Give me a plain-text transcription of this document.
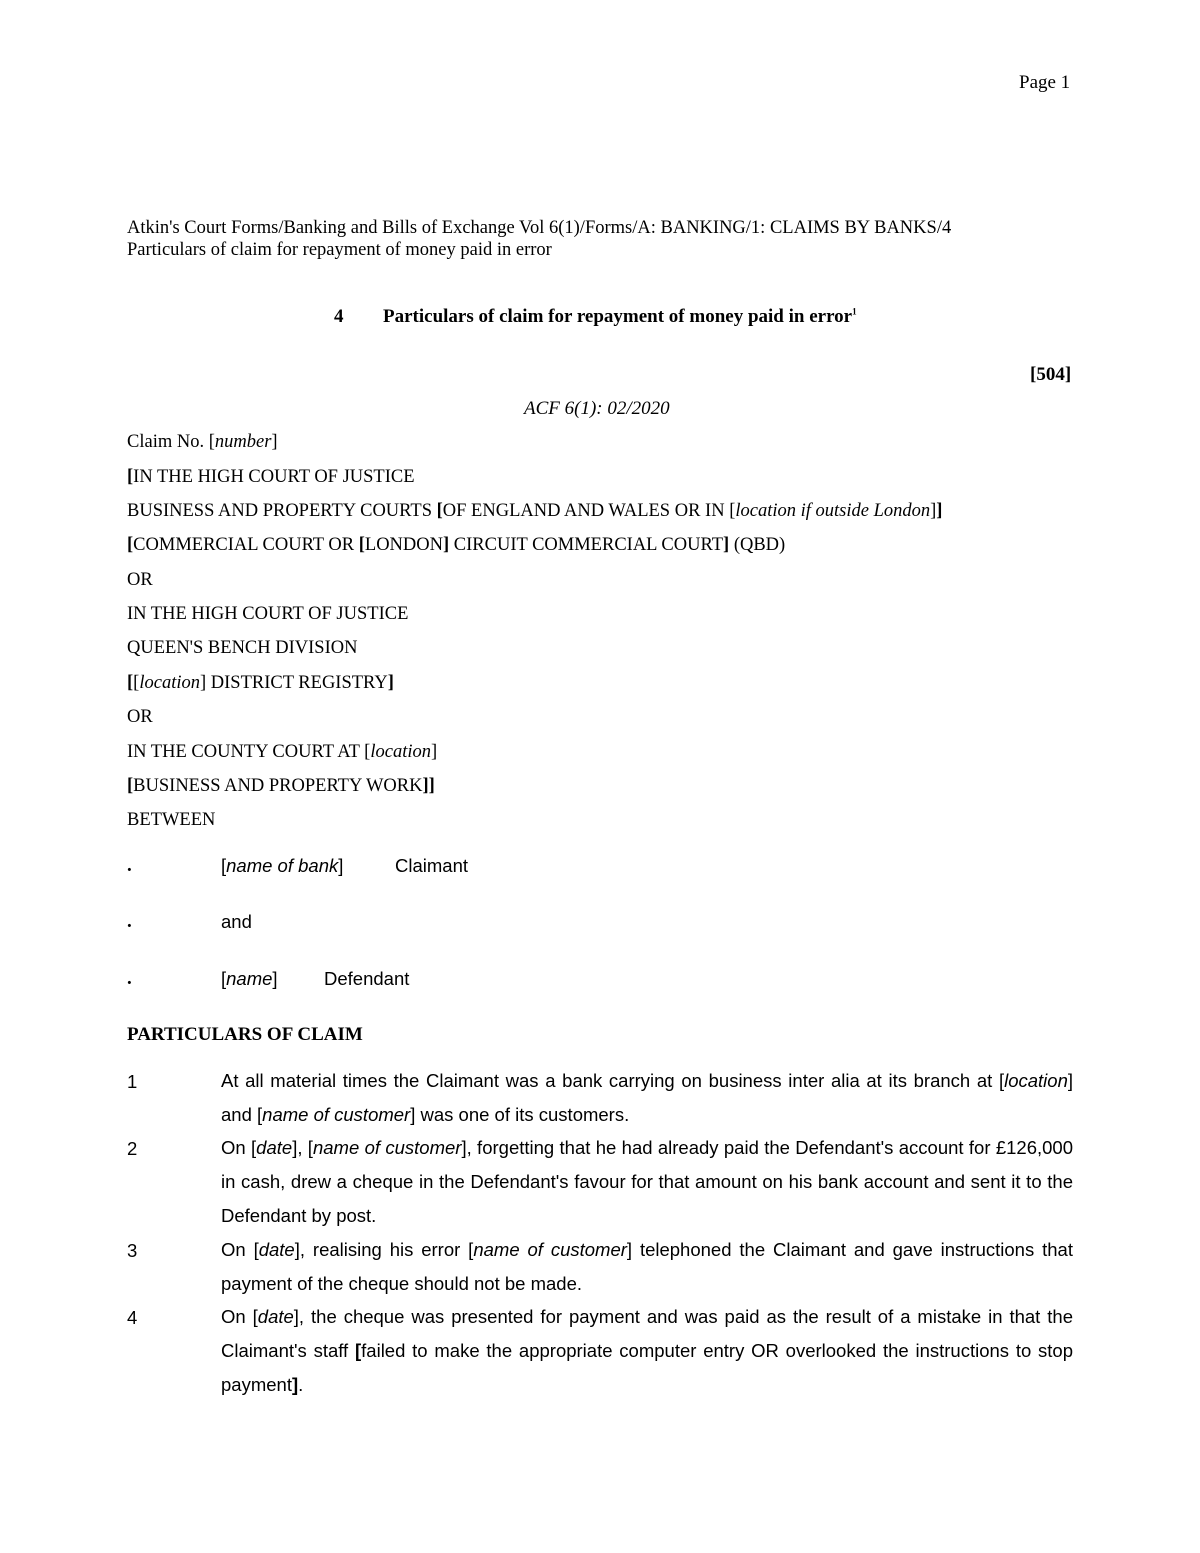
Page 1
Atkin's Court Forms/Banking and Bills of Exchange Vol 6(1)/Forms/A: BANKING/1: CLAIMS BY BANKS/4
Particulars of claim for repayment of money paid in error
4 Particulars of claim for repayment of money paid in error$^1$
[504]
ACF 6(1): 02/2020
Claim No. [number]
[IN THE HIGH COURT OF JUSTICE
BUSINESS AND PROPERTY COURTS [OF ENGLAND AND WALES OR IN [location if outside London]]
[COMMERCIAL COURT OR [LONDON] CIRCUIT COMMERCIAL COURT] (QBD)
OR
IN THE HIGH COURT OF JUSTICE
QUEEN'S BENCH DIVISION
[[location] DISTRICT REGISTRY]
OR
IN THE COUNTY COURT AT [location]
[BUSINESS AND PROPERTY WORK]]
BETWEEN
.	[name of bank]	Claimant
.	and
.	[name]	Defendant
PARTICULARS OF CLAIM
1	At all material times the Claimant was a bank carrying on business inter alia at its branch at [location] and [name of customer] was one of its customers.
2	On [date], [name of customer], forgetting that he had already paid the Defendant's account for £126,000 in cash, drew a cheque in the Defendant's favour for that amount on his bank account and sent it to the Defendant by post.
3	On [date], realising his error [name of customer] telephoned the Claimant and gave instructions that payment of the cheque should not be made.
4	On [date], the cheque was presented for payment and was paid as the result of a mistake in that the Claimant's staff [failed to make the appropriate computer entry OR overlooked the instructions to stop payment].
